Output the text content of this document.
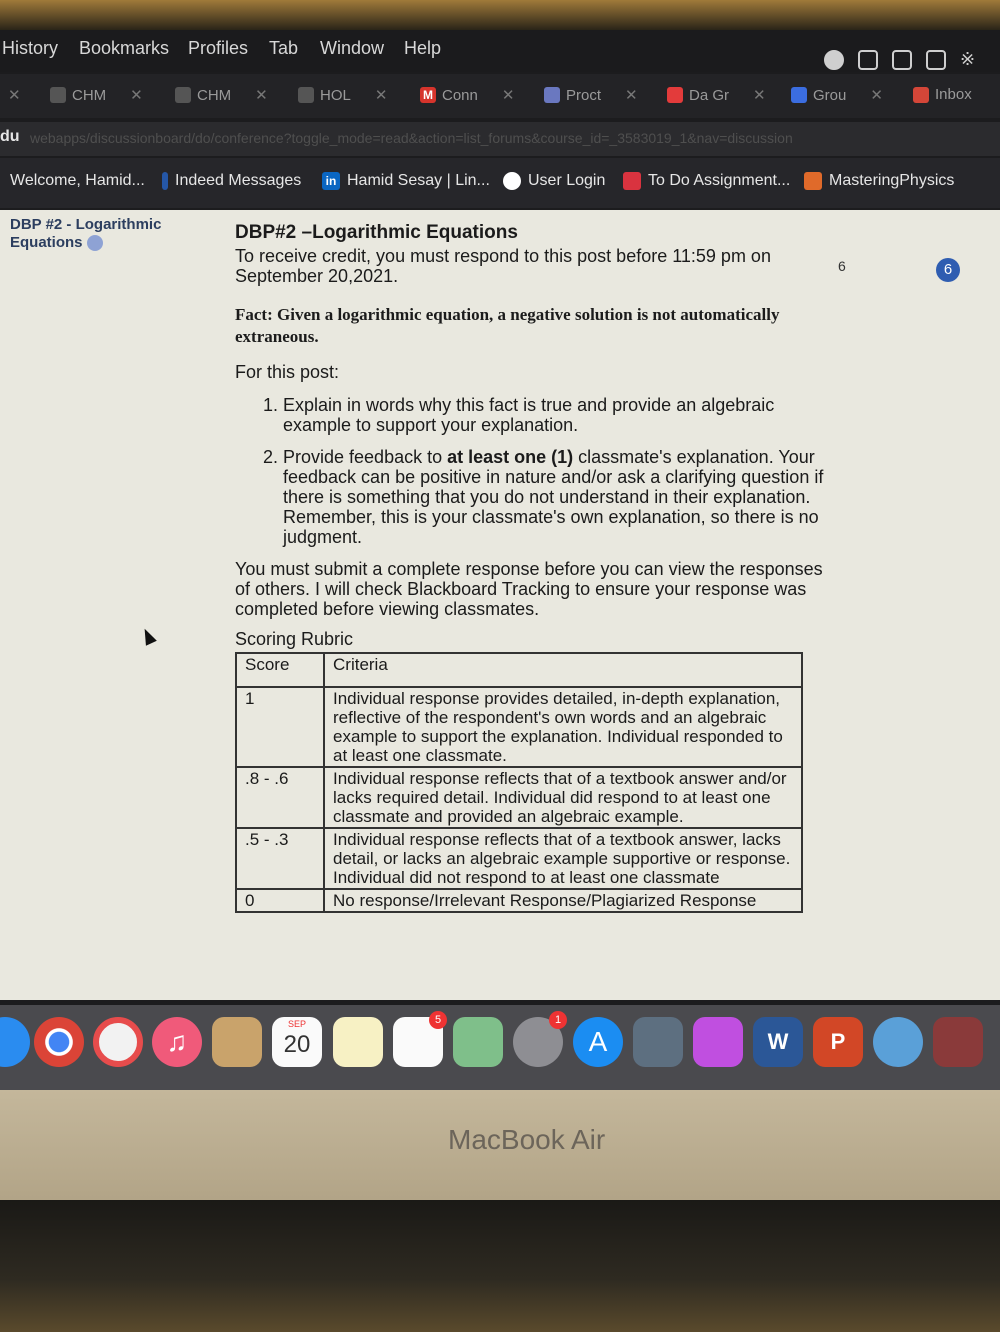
History Bookmarks Profiles Tab Window Help
※
✕	CHM ✕	CHM ✕	HOL ✕	M Conn ✕	Proct ✕	Da Gr ✕	Grou ✕	Inbox
du webapps/discussionboard/do/conference?toggle_mode=read&action=list_forums&course_id=_3583019_1&nav=discussion
Welcome, Hamid... Indeed Messages	in Hamid Sesay | Lin... User Login	To Do Assignment... MasteringPhysics
DBP #2 - Logarithmic Equations
6	6
DBP#2 –Logarithmic Equations
To receive credit, you must respond to this post before 11:59 pm on September 20,2021.
Fact: Given a logarithmic equation, a negative solution is not automatically extraneous.
For this post:
1. Explain in words why this fact is true and provide an algebraic example to support your explanation.
2. Provide feedback to at least one (1) classmate's explanation. Your feedback can be positive in nature and/or ask a clarifying question if there is something that you do not understand in their explanation. Remember, this is your classmate's own explanation, so there is no judgment.
You must submit a complete response before you can view the responses of others. I will check Blackboard Tracking to ensure your response was completed before viewing classmates.
Scoring Rubric
Score	Criteria
1	Individual response provides detailed, in-depth explanation, reflective of the respondent's own words and an algebraic example to support the explanation. Individual responded to at least one classmate.
.8 - .6	Individual response reflects that of a textbook answer and/or lacks required detail. Individual did respond to at least one classmate and provided an algebraic example.
.5 - .3	Individual response reflects that of a textbook answer, lacks detail, or lacks an algebraic example supportive or response. Individual did not respond to at least one classmate
0	No response/Irrelevant Response/Plagiarized Response
♫
SEP
20
5	1
A	W	P
MacBook Air
